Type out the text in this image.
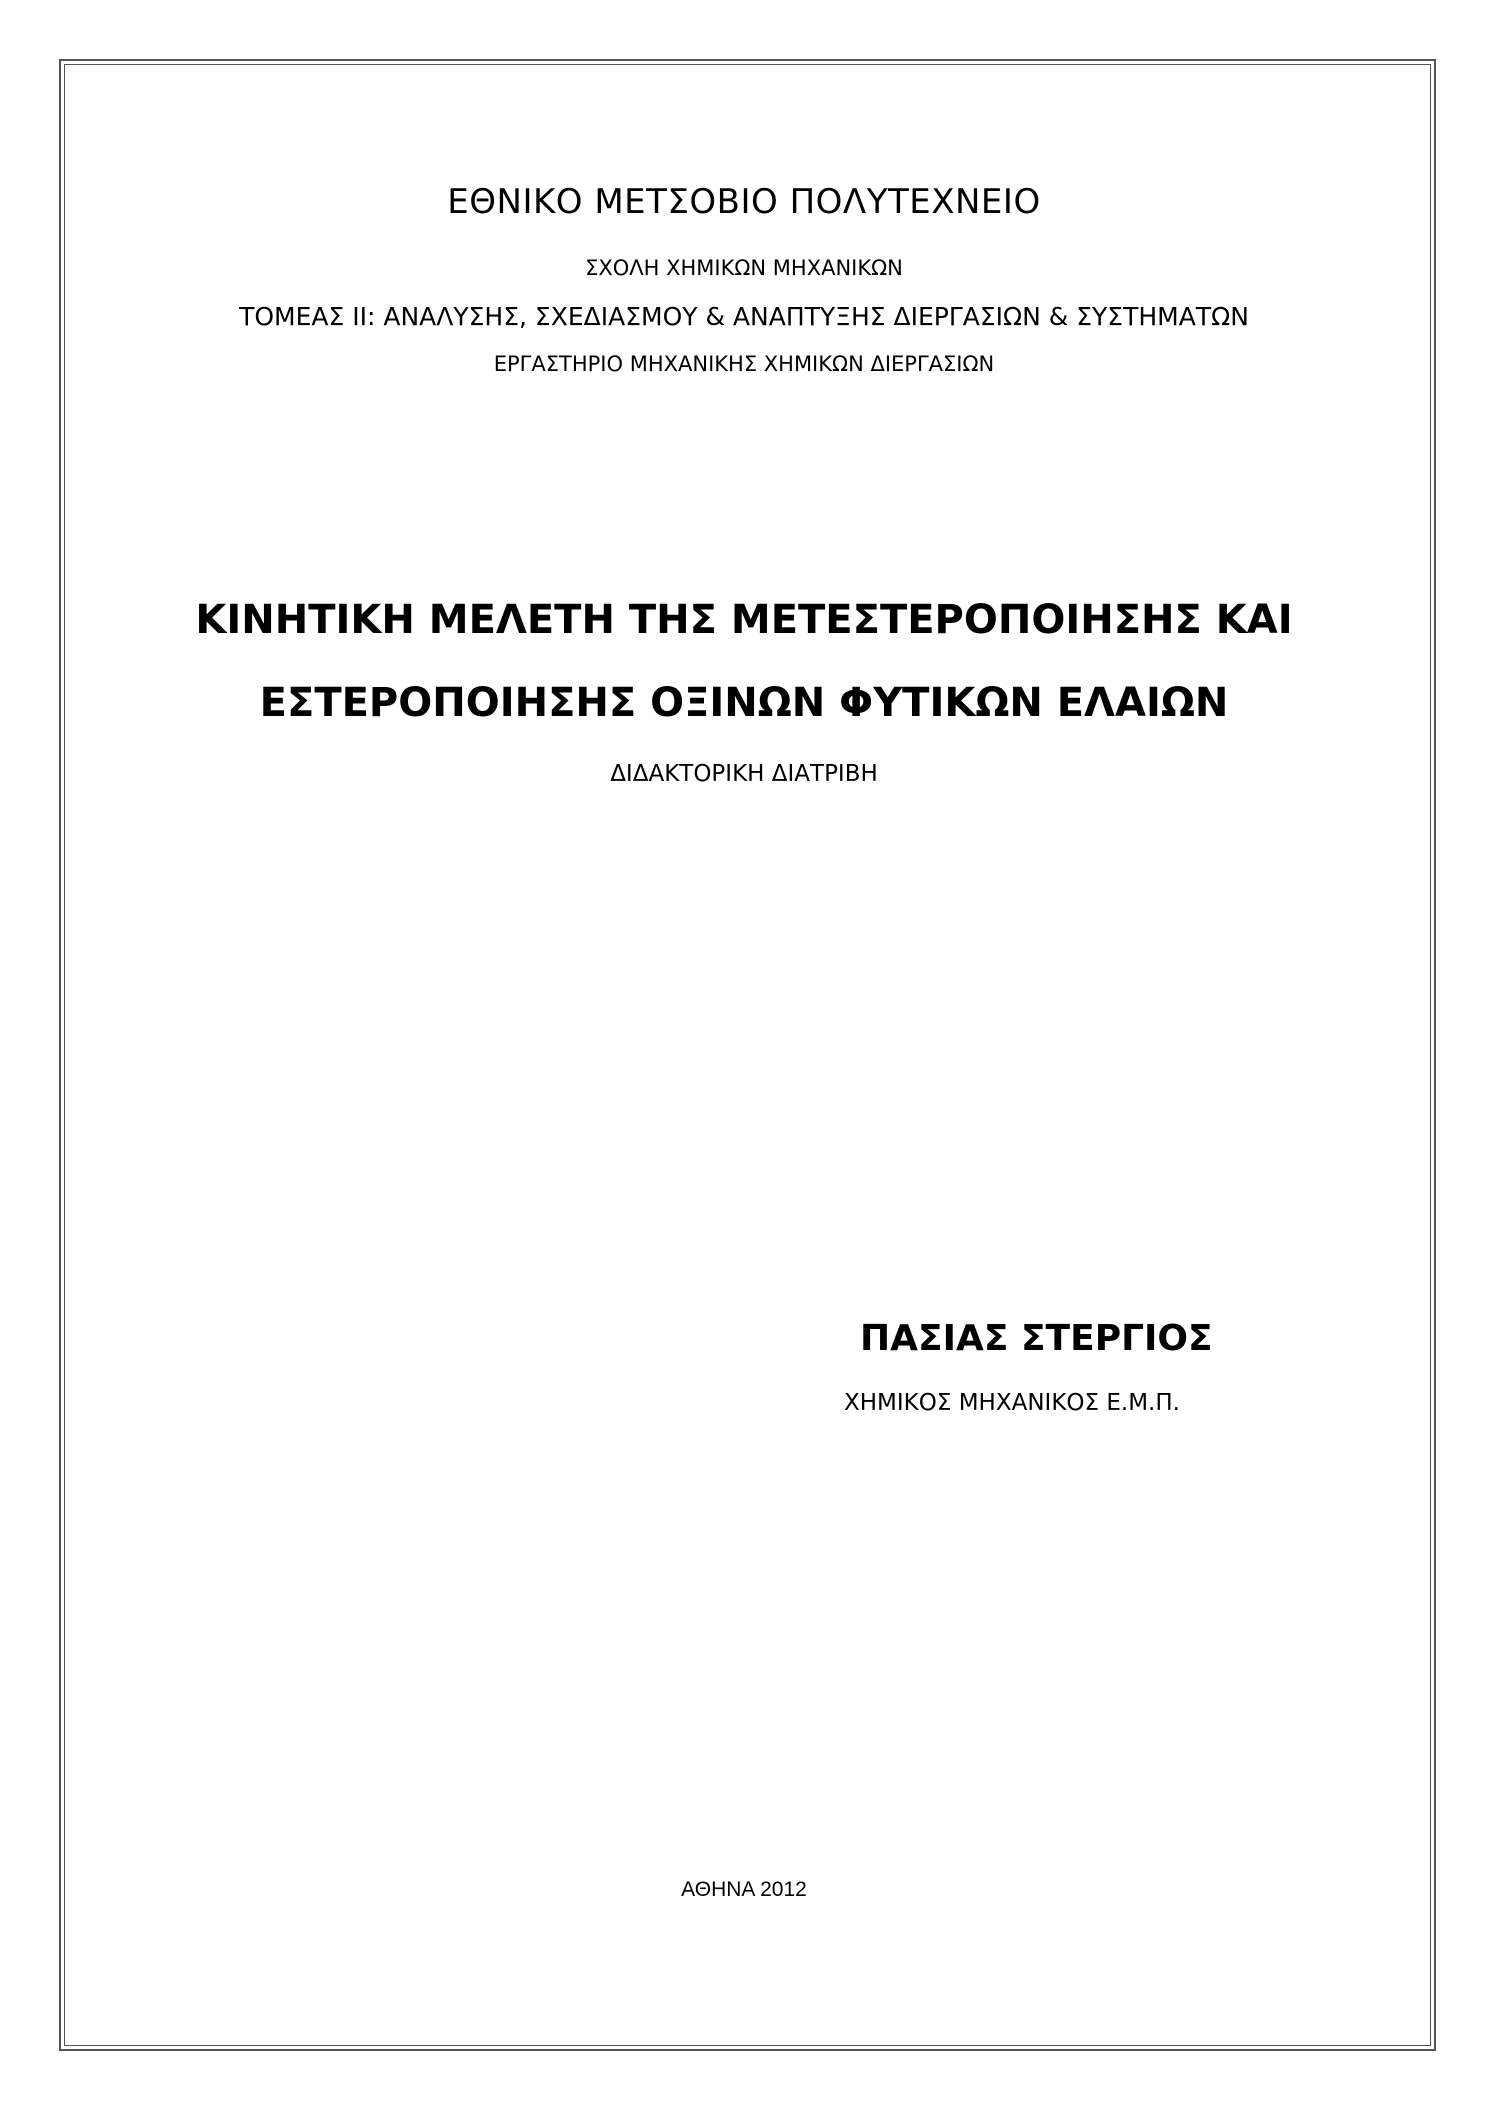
ΕΘΝΙΚΟ ΜΕΤΣΟΒΙΟ ΠΟΛΥΤΕΧΝΕΙΟ
ΣΧΟΛΗ ΧΗΜΙΚΩΝ ΜΗΧΑΝΙΚΩΝ
ΤΟΜΕΑΣ ΙΙ: ΑΝΑΛΥΣΗΣ, ΣΧΕΔΙΑΣΜΟΥ & ΑΝΑΠΤΥΞΗΣ ΔΙΕΡΓΑΣΙΩΝ & ΣΥΣΤΗΜΑΤΩΝ
ΕΡΓΑΣΤΗΡΙΟ ΜΗΧΑΝΙΚΗΣ ΧΗΜΙΚΩΝ ΔΙΕΡΓΑΣΙΩΝ
ΚΙΝΗΤΙΚΗ ΜΕΛΕΤΗ ΤΗΣ ΜΕΤΕΣΤΕΡΟΠΟΙΗΣΗΣ ΚΑΙ
ΕΣΤΕΡΟΠΟΙΗΣΗΣ ΟΞΙΝΩΝ ΦΥΤΙΚΩΝ ΕΛΑΙΩΝ
ΔΙΔΑΚΤΟΡΙΚΗ ΔΙΑΤΡΙΒΗ
ΠΑΣΙΑΣ ΣΤΕΡΓΙΟΣ
ΧΗΜΙΚΟΣ ΜΗΧΑΝΙΚΟΣ Ε.Μ.Π.
ΑΘΗΝΑ 2012
